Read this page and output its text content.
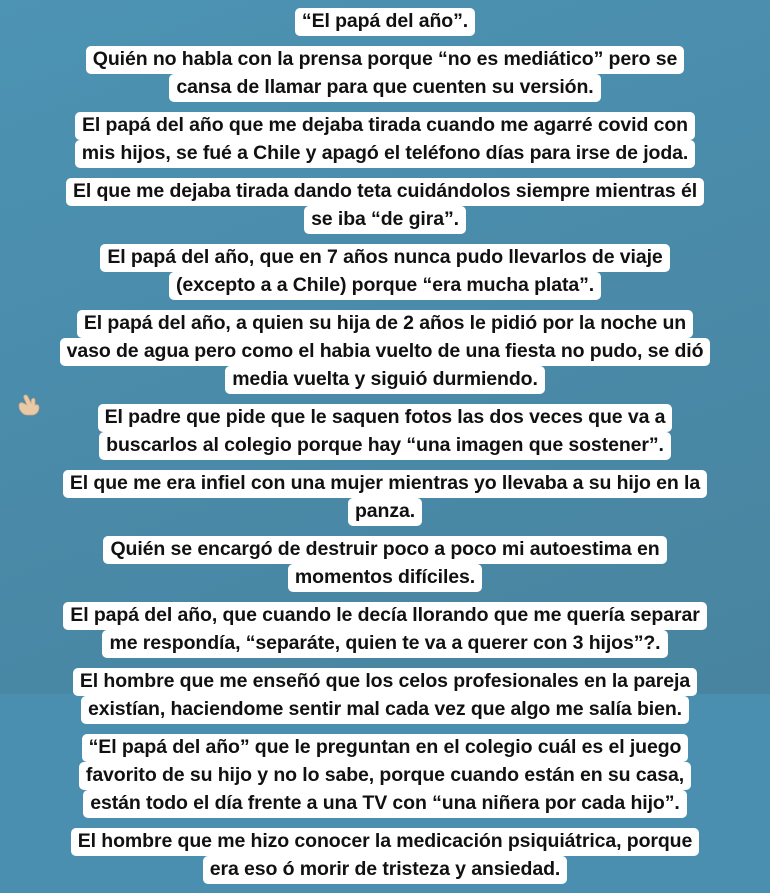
“El papá del año”.
Quién no habla con la prensa porque “no es mediático” pero se
cansa de llamar para que cuenten su versión.
El papá del año que me dejaba tirada cuando me agarré covid con
mis hijos, se fué a Chile y apagó el teléfono días para irse de joda.
El que me dejaba tirada dando teta cuidándolos siempre mientras él
se iba “de gira”.
El papá del año, que en 7 años nunca pudo llevarlos de viaje
(excepto a a Chile) porque “era mucha plata”.
El papá del año, a quien su hija de 2 años le pidió por la noche un
vaso de agua pero como el habia vuelto de una fiesta no pudo, se dió
media vuelta y siguió durmiendo.
El padre que pide que le saquen fotos las dos veces que va a
buscarlos al colegio porque hay “una imagen que sostener”.
El que me era infiel con una mujer mientras yo llevaba a su hijo en la
panza.
Quién se encargó de destruir poco a poco mi autoestima en
momentos difíciles.
El papá del año, que cuando le decía llorando que me quería separar
me respondía, “separáte, quien te va a querer con 3 hijos”?.
El hombre que me enseñó que los celos profesionales en la pareja
existían, haciendome sentir mal cada vez que algo me salía bien.
“El papá del año” que le preguntan en el colegio cuál es el juego
favorito de su hijo y no lo sabe, porque cuando están en su casa,
están todo el día frente a una TV con “una niñera por cada hijo”.
El hombre que me hizo conocer la medicación psiquiátrica, porque
era eso ó morir de tristeza y ansiedad.
